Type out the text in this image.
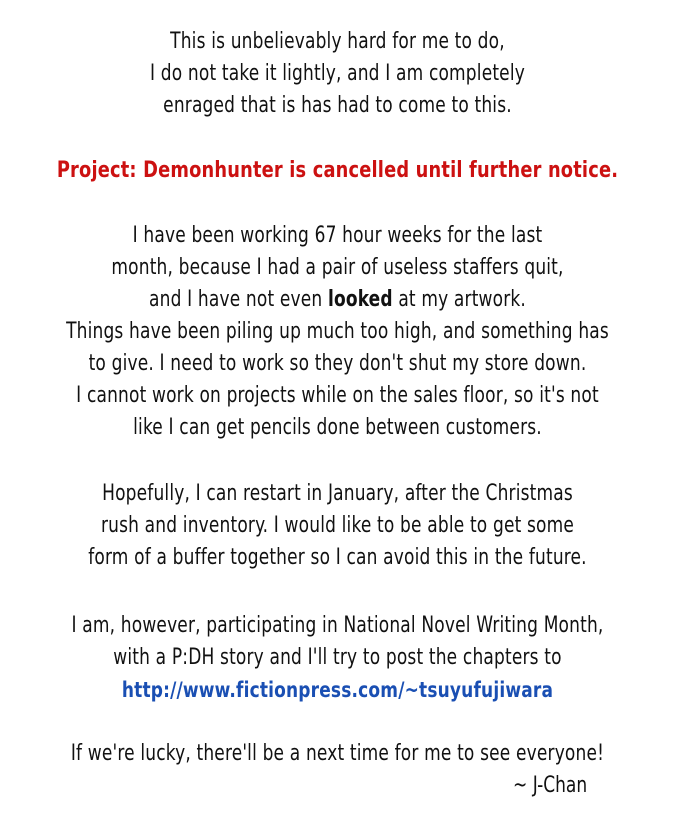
This is unbelievably hard for me to do,
I do not take it lightly, and I am completely
enraged that is has had to come to this.
Project: Demonhunter is cancelled until further notice.
I have been working 67 hour weeks for the last
month, because I had a pair of useless staffers quit,
and I have not even looked at my artwork.
Things have been piling up much too high, and something has
to give. I need to work so they don't shut my store down.
I cannot work on projects while on the sales floor, so it's not
like I can get pencils done between customers.
Hopefully, I can restart in January, after the Christmas
rush and inventory. I would like to be able to get some
form of a buffer together so I can avoid this in the future.
I am, however, participating in National Novel Writing Month,
with a P:DH story and I'll try to post the chapters to
http://www.fictionpress.com/~tsuyufujiwara
If we're lucky, there'll be a next time for me to see everyone!
~ J-Chan
